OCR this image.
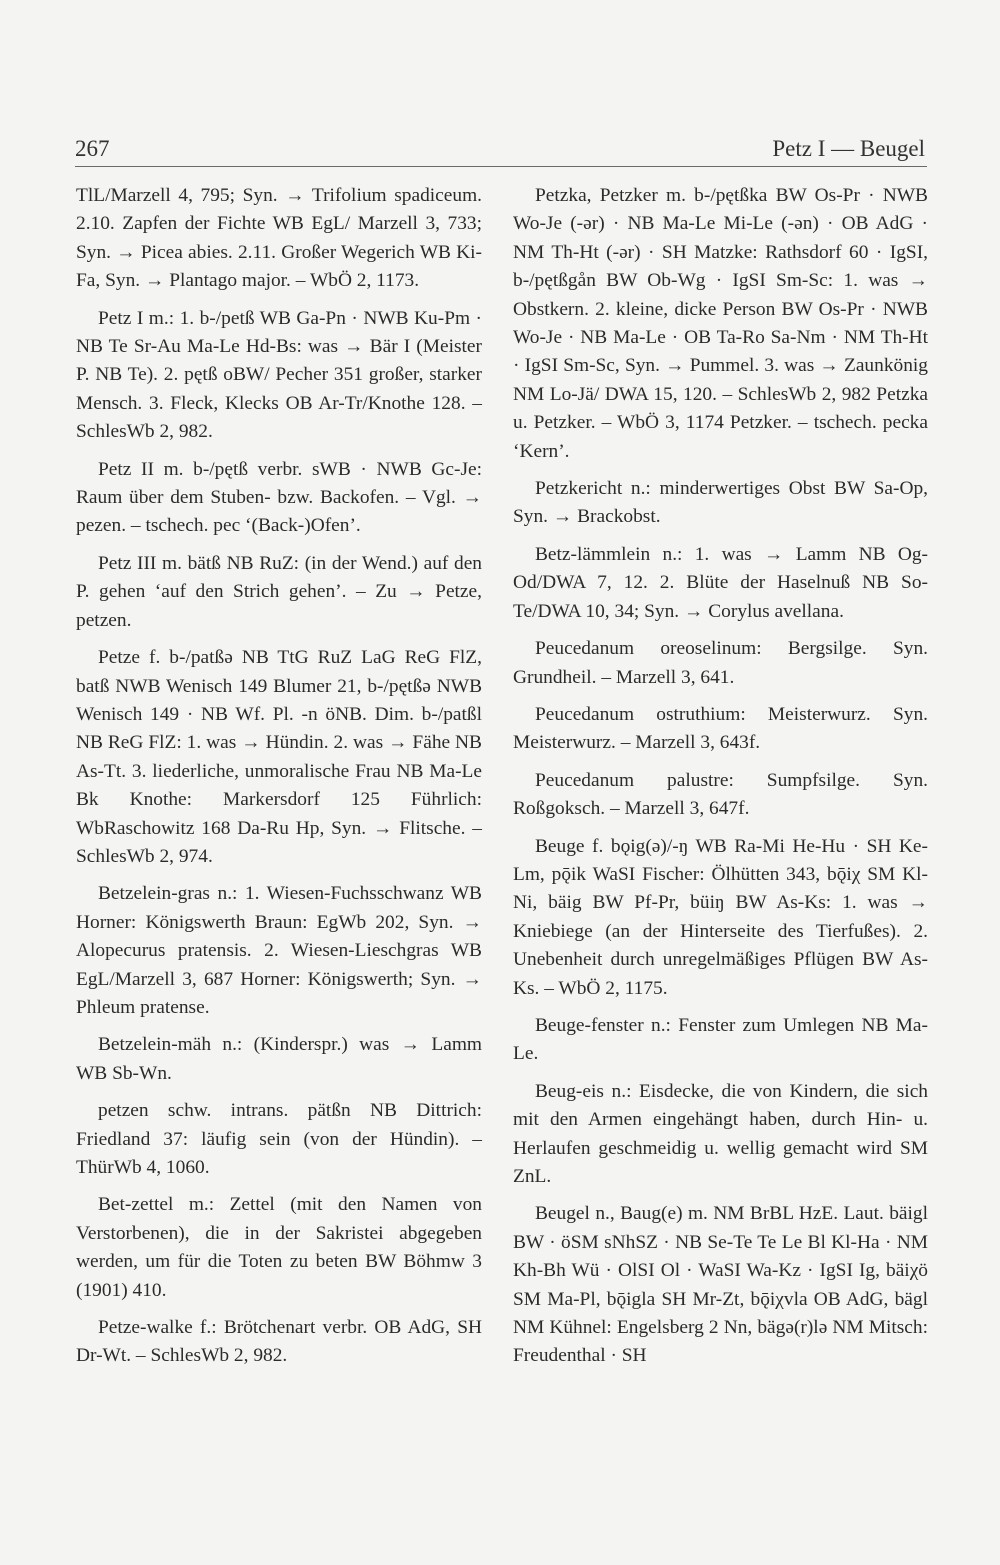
267	Petz I — Beugel

TlL/Marzell 4, 795; Syn. → Trifolium spadiceum. 2.10. Zapfen der Fichte WB EgL/ Marzell 3, 733; Syn. → Picea abies. 2.11. Großer Wegerich WB Ki-Fa, Syn. → Plantago major. – WbÖ 2, 1173.

Petz I m.: 1. b-/petß WB Ga-Pn · NWB Ku-Pm · NB Te Sr-Au Ma-Le Hd-Bs: was → Bär I (Meister P. NB Te). 2. pętß oBW/ Pecher 351 großer, starker Mensch. 3. Fleck, Klecks OB Ar-Tr/Knothe 128. – SchlesWb 2, 982.

Petz II m. b-/pętß verbr. sWB · NWB Gc-Je: Raum über dem Stuben- bzw. Backofen. – Vgl. → pezen. – tschech. pec ‘(Back-)Ofen’.

Petz III m. bätß NB RuZ: (in der Wend.) auf den P. gehen ‘auf den Strich gehen’. – Zu → Petze, petzen.

Petze f. b-/patßə NB TtG RuZ LaG ReG FlZ, batß NWB Wenisch 149 Blumer 21, b-/pętßə NWB Wenisch 149 · NB Wf. Pl. -n öNB. Dim. b-/patßl NB ReG FlZ: 1. was → Hündin. 2. was → Fähe NB As-Tt. 3. liederliche, unmoralische Frau NB Ma-Le Bk Knothe: Markersdorf 125 Führlich: WbRaschowitz 168 Da-Ru Hp, Syn. → Flitsche. – SchlesWb 2, 974.

Betzelein-gras n.: 1. Wiesen-Fuchsschwanz WB Horner: Königswerth Braun: EgWb 202, Syn. → Alopecurus pratensis. 2. Wiesen-Lieschgras WB EgL/Marzell 3, 687 Horner: Königswerth; Syn. → Phleum pratense.

Betzelein-mäh n.: (Kinderspr.) was → Lamm WB Sb-Wn.

petzen schw. intrans. pätßn NB Dittrich: Friedland 37: läufig sein (von der Hündin). – ThürWb 4, 1060.

Bet-zettel m.: Zettel (mit den Namen von Verstorbenen), die in der Sakristei abgegeben werden, um für die Toten zu beten BW Böhmw 3 (1901) 410.

Petze-walke f.: Brötchenart verbr. OB AdG, SH Dr-Wt. – SchlesWb 2, 982.

Petzka, Petzker m. b-/pętßka BW Os-Pr · NWB Wo-Je (-ər) · NB Ma-Le Mi-Le (-ən) · OB AdG · NM Th-Ht (-ər) · SH Matzke: Rathsdorf 60 · IgSI, b-/pętßgån BW Ob-Wg · IgSI Sm-Sc: 1. was → Obstkern. 2. kleine, dicke Person BW Os-Pr · NWB Wo-Je · NB Ma-Le · OB Ta-Ro Sa-Nm · NM Th-Ht · IgSI Sm-Sc, Syn. → Pummel. 3. was → Zaunkönig NM Lo-Jä/ DWA 15, 120. – SchlesWb 2, 982 Petzka u. Petzker. – WbÖ 3, 1174 Petzker. – tschech. pecka ‘Kern’.

Petzkericht n.: minderwertiges Obst BW Sa-Op, Syn. → Brackobst.

Betz-lämmlein n.: 1. was → Lamm NB Og-Od/DWA 7, 12. 2. Blüte der Haselnuß NB So-Te/DWA 10, 34; Syn. → Corylus avellana.

Peucedanum oreoselinum: Bergsilge. Syn. Grundheil. – Marzell 3, 641.

Peucedanum ostruthium: Meisterwurz. Syn. Meisterwurz. – Marzell 3, 643f.

Peucedanum palustre: Sumpfsilge. Syn. Roßgoksch. – Marzell 3, 647f.

Beuge f. bǫig(ə)/-ŋ WB Ra-Mi He-Hu · SH Ke-Lm, pǭik WaSI Fischer: Ölhütten 343, bǭiχ SM Kl-Ni, bäig BW Pf-Pr, büiŋ BW As-Ks: 1. was → Kniebiege (an der Hinterseite des Tierfußes). 2. Unebenheit durch unregelmäßiges Pflügen BW As-Ks. – WbÖ 2, 1175.

Beuge-fenster n.: Fenster zum Umlegen NB Ma-Le.

Beug-eis n.: Eisdecke, die von Kindern, die sich mit den Armen eingehängt haben, durch Hin- u. Herlaufen geschmeidig u. wellig gemacht wird SM ZnL.

Beugel n., Baug(e) m. NM BrBL HzE. Laut. bäigl BW · öSM sNhSZ · NB Se-Te Te Le Bl Kl-Ha · NM Kh-Bh Wü · OlSI Ol · WaSI Wa-Kz · IgSI Ig, bäiχö SM Ma-Pl, bǭigla SH Mr-Zt, bǭiχvla OB AdG, bägl NM Kühnel: Engelsberg 2 Nn, bägə(r)lə NM Mitsch: Freudenthal · SH
